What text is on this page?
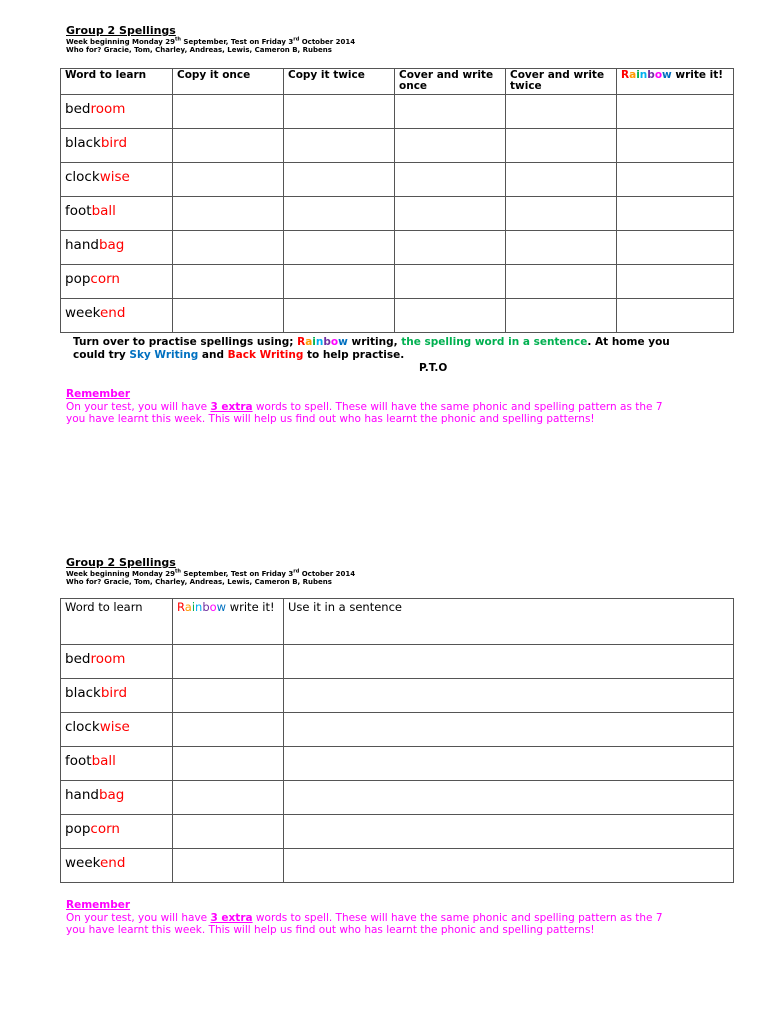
Group 2 Spellings
Week beginning Monday 29th September, Test on Friday 3rd October 2014
Who for? Gracie, Tom, Charley, Andreas, Lewis, Cameron B, Rubens
Word to learn	Copy it once	Copy it twice	Cover and write once	Cover and write twice	Rainbow write it!

bedroom					

blackbird					

clockwise					

football					

handbag					

popcorn					

weekend					

Turn over to practise spellings using; Rainbow writing, the spelling word in a sentence. At home you
could try Sky Writing and Back Writing to help practise.
P.T.O
Remember
On your test, you will have 3 extra words to spell. These will have the same phonic and spelling pattern as the 7
you have learnt this week. This will help us find out who has learnt the phonic and spelling patterns!
Group 2 Spellings
Week beginning Monday 29th September, Test on Friday 3rd October 2014
Who for? Gracie, Tom, Charley, Andreas, Lewis, Cameron B, Rubens
Word to learn	Rainbow write it!	Use it in a sentence

bedroom		

blackbird		

clockwise		

football		

handbag		

popcorn		

weekend		

Remember
On your test, you will have 3 extra words to spell. These will have the same phonic and spelling pattern as the 7
you have learnt this week. This will help us find out who has learnt the phonic and spelling patterns!
